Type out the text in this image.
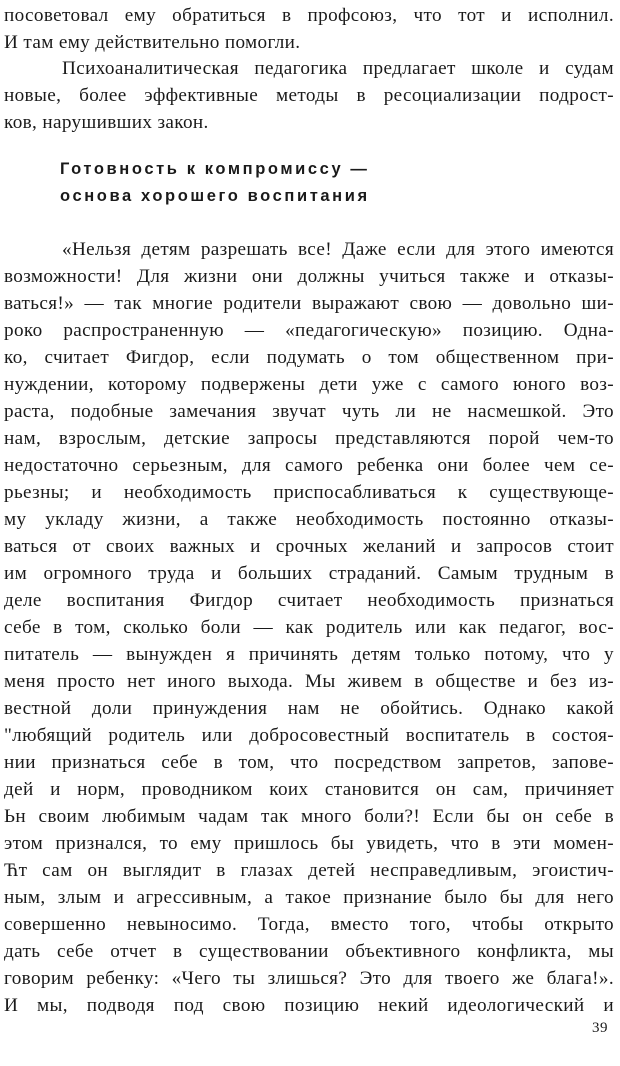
посоветовал ему обратиться в профсоюз, что тот и исполнил.
И там ему действительно помогли.
Психоаналитическая педагогика предлагает школе и судам
новые, более эффективные методы в ресоциализации подрост-
ков, нарушивших закон.
Готовность к компромиссу —
основа хорошего воспитания
«Нельзя детям разрешать все! Даже если для этого имеются
возможности! Для жизни они должны учиться также и отказы-
ваться!» — так многие родители выражают свою — довольно ши-
роко распространенную — «педагогическую» позицию. Одна-
ко, считает Фигдор, если подумать о том общественном при-
нуждении, которому подвержены дети уже с самого юного воз-
раста, подобные замечания звучат чуть ли не насмешкой. Это
нам, взрослым, детские запросы представляются порой чем-то
недостаточно серьезным, для самого ребенка они более чем се-
рьезны; и необходимость приспосабливаться к существующе-
му укладу жизни, а также необходимость постоянно отказы-
ваться от своих важных и срочных желаний и запросов стоит
им огромного труда и больших страданий. Самым трудным в
деле воспитания Фигдор считает необходимость признаться
себе в том, сколько боли — как родитель или как педагог, вос-
питатель — вынужден я причинять детям только потому, что у
меня просто нет иного выхода. Мы живем в обществе и без из-
вестной доли принуждения нам не обойтись. Однако какой
"любящий родитель или добросовестный воспитатель в состоя-
нии признаться себе в том, что посредством запретов, запове-
дей и норм, проводником коих становится он сам, причиняет
Ьн своим любимым чадам так много боли?! Если бы он себе в
этом признался, то ему пришлось бы увидеть, что в эти момен-
Ћт сам он выглядит в глазах детей несправедливым, эгоистич-
ным, злым и агрессивным, а такое признание было бы для него
совершенно невыносимо. Тогда, вместо того, чтобы открыто
дать себе отчет в существовании объективного конфликта, мы
говорим ребенку: «Чего ты злишься? Это для твоего же блага!».
И мы, подводя под свою позицию некий идеологический и
39
